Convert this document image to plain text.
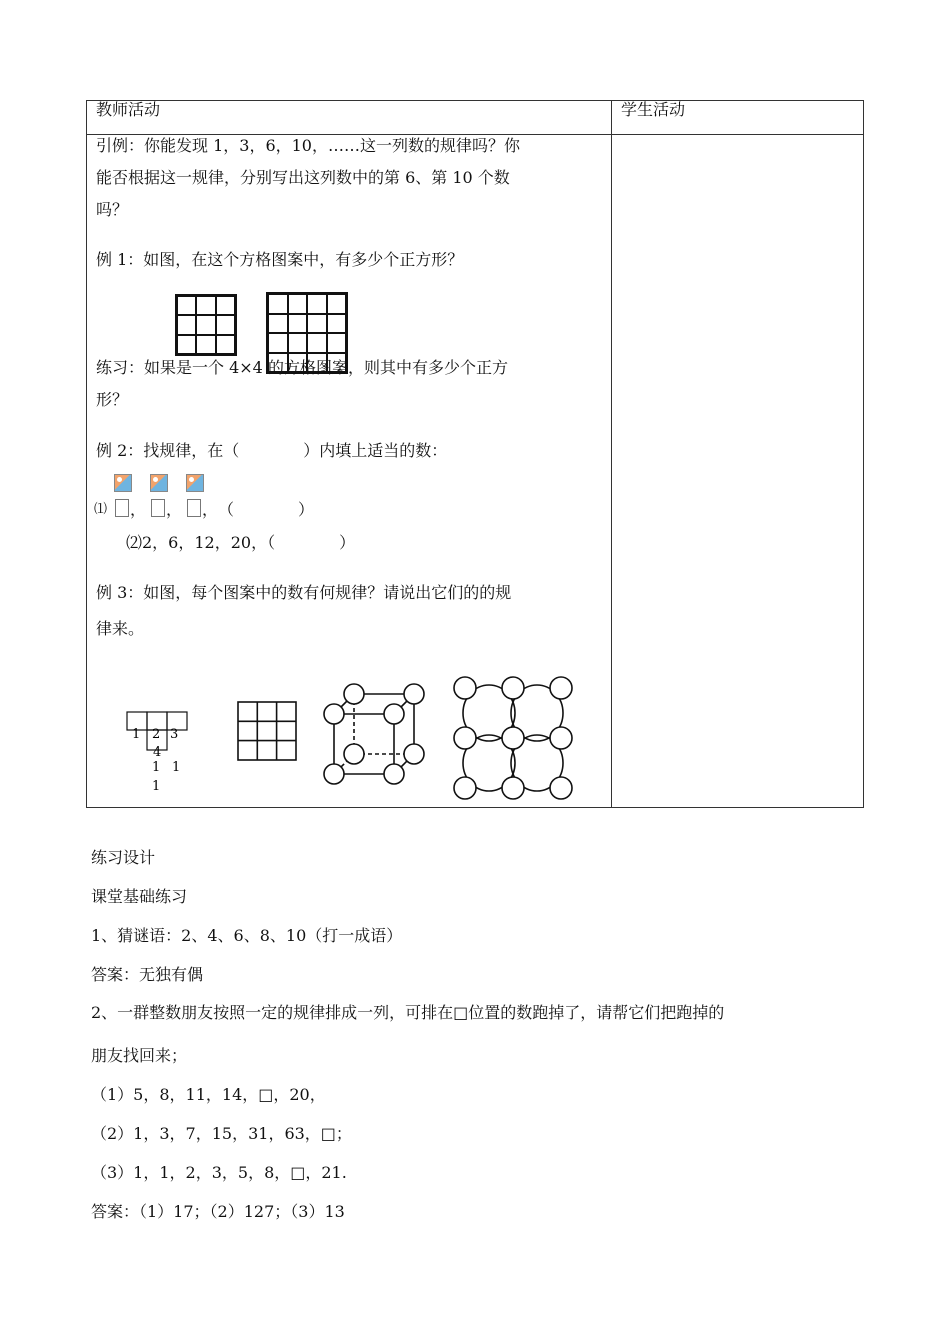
教师活动	学生活动
引例：你能发现 1，3，6，10，……这一列数的规律吗？你
能否根据这一规律，分别写出这列数中的第 6、第 10 个数
吗？
例 1：如图，在这个方格图案中，有多少个正方形？
练习：如果是一个 4×4 的方格图案，则其中有多少个正方
形？
例 2：找规律，在（　　　　）内填上适当的数：
⑴ ， ， ，　（　　　　）
⑵2，6，12，20，（　　　　）
例 3：如图，每个图案中的数有何规律？请说出它们的的规
律来。
1 2 3
4
1 1
1
练习设计
课堂基础练习
1、猜谜语：2、4、6、8、10（打一成语）
答案：无独有偶
2、一群整数朋友按照一定的规律排成一列，可排在□位置的数跑掉了，请帮它们把跑掉的
朋友找回来；
（1）5，8，11，14，□，20，
（2）1，3，7，15，31，63，□；
（3）1，1，2，3，5，8，□，21.
答案：（1）17；（2）127；（3）13
